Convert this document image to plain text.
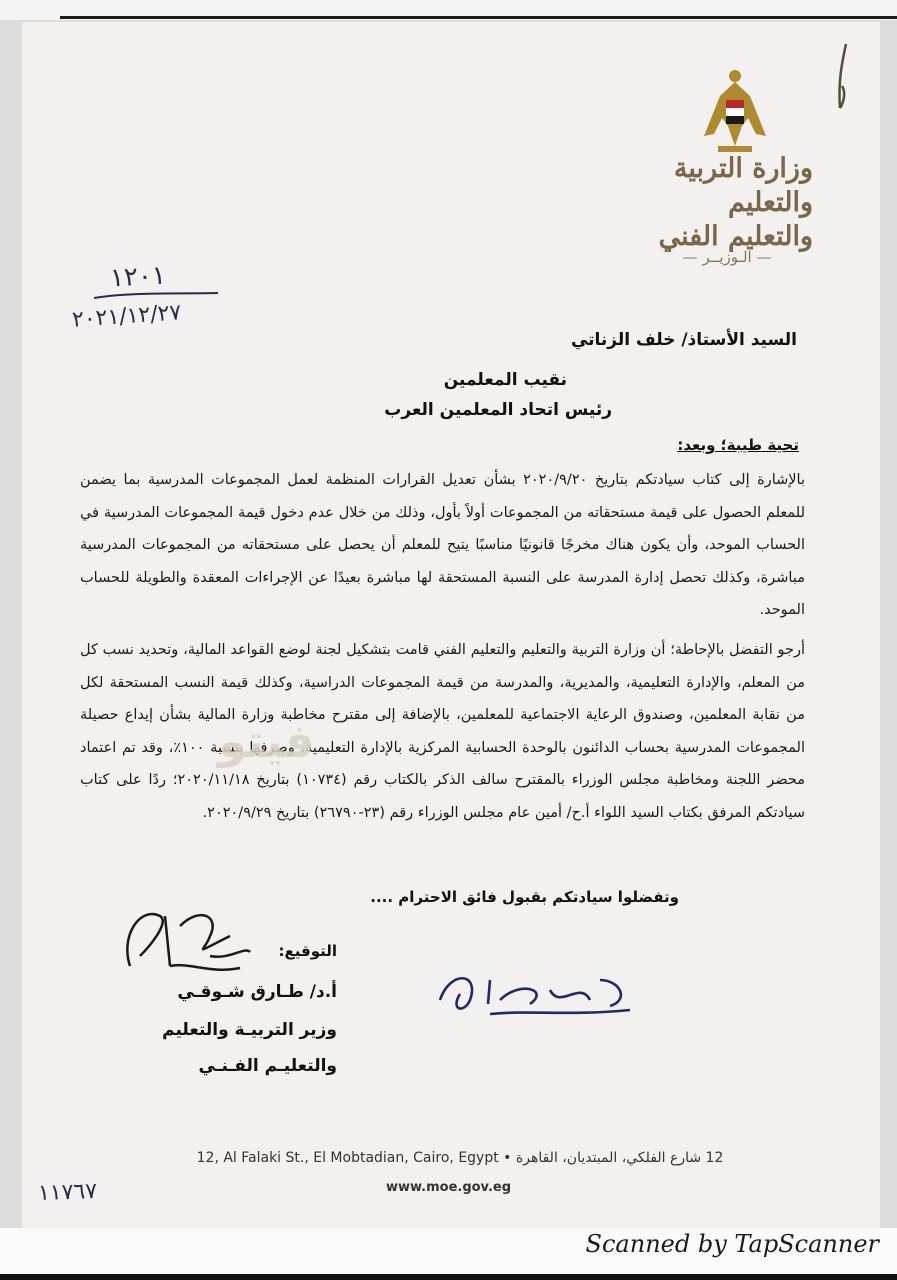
وزارة التربية والتعليم
والتعليم الفني
— الـوزيــر —
١٢٠١
٢٠٢١/١٢/٢٧
السيد الأستاذ/ خلف الزناتي
نقيب المعلمين
رئيس اتحاد المعلمين العرب
تحية طيبة؛ وبعد:
بالإشارة إلى كتاب سيادتكم بتاريخ ٢٠٢٠/٩/٢٠ بشأن تعديل القرارات المنظمة لعمل المجموعات المدرسية بما يضمن للمعلم الحصول على قيمة مستحقاته من المجموعات أولاً بأول، وذلك من خلال عدم دخول قيمة المجموعات المدرسية في الحساب الموحد، وأن يكون هناك مخرجًا قانونيًا مناسبًا يتيح للمعلم أن يحصل على مستحقاته من المجموعات المدرسية مباشرة، وكذلك تحصل إدارة المدرسة على النسبة المستحقة لها مباشرة بعيدًا عن الإجراءات المعقدة والطويلة للحساب الموحد.
أرجو التفضل بالإحاطة؛ أن وزارة التربية والتعليم والتعليم الفني قامت بتشكيل لجنة لوضع القواعد المالية، وتحديد نسب كل من المعلم، والإدارة التعليمية، والمديرية، والمدرسة من قيمة المجموعات الدراسية، وكذلك قيمة النسب المستحقة لكل من نقابة المعلمين، وصندوق الرعاية الاجتماعية للمعلمين، بالإضافة إلى مقترح مخاطبة وزارة المالية بشأن إيداع حصيلة المجموعات المدرسية بحساب الدائنون بالوحدة الحسابية المركزية بالإدارة التعليمية، وصرفها بنسبة ١٠٠٪، وقد تم اعتماد محضر اللجنة ومخاطبة مجلس الوزراء بالمقترح سالف الذكر بالكتاب رقم (١٠٧٣٤) بتاريخ ٢٠٢٠/١١/١٨؛ ردًا على كتاب سيادتكم المرفق بكتاب السيد اللواء أ.ح/ أمين عام مجلس الوزراء رقم (٢٣-٢٦٧٩٠) بتاريخ ٢٠٢٠/٩/٢٩.
فيتو
وتفضلوا سيادتكم بقبول فائق الاحترام ....
التوقيع:
أ.د/ طـارق شـوقـي
وزير التربيـة والتعليم
والتعليـم الفـنـي
12, Al Falaki St., El Mobtadian, Cairo, Egypt • 12 شارع الفلكي، المبتديان، القاهرة
www.moe.gov.eg
١١٧٦٧
Scanned by TapScanner
